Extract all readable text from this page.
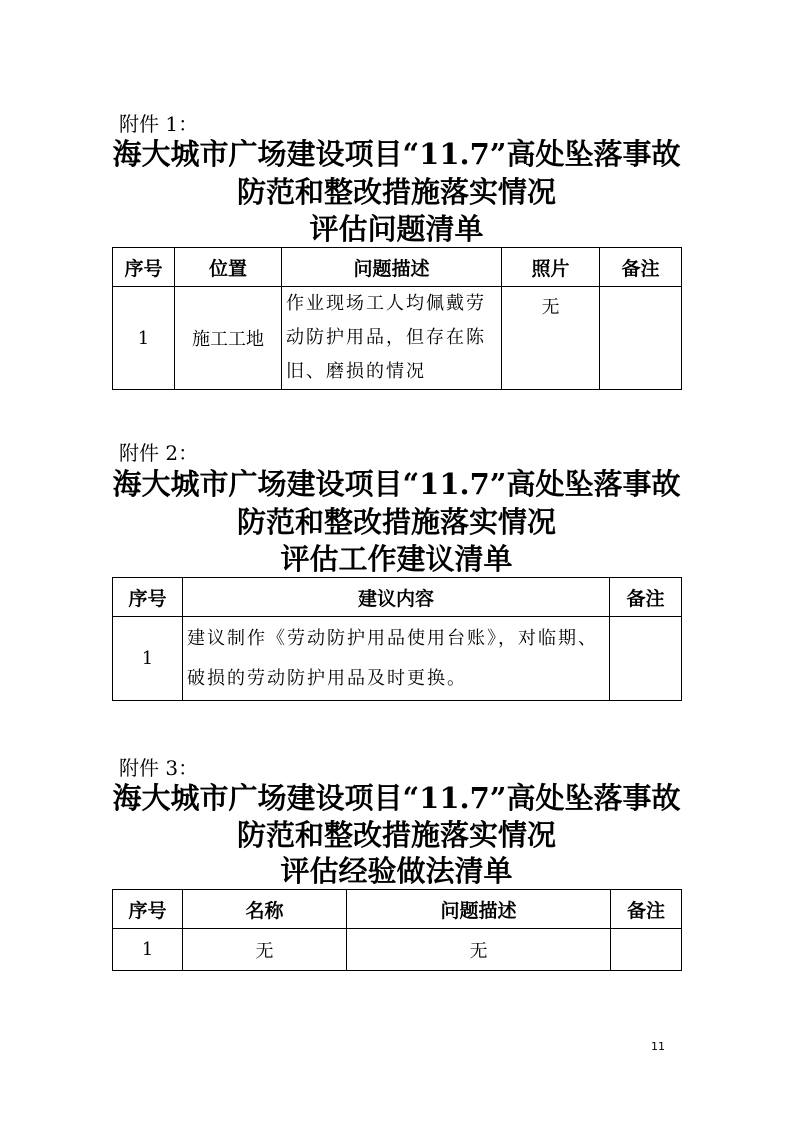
附件 1：
海大城市广场建设项目“11.7”高处坠落事故
防范和整改措施落实情况
评估问题清单
序号	位置	问题描述	照片	备注
1	施工工地	作业现场工人均佩戴劳动防护用品，但存在陈旧、磨损的情况	无	
附件 2：
海大城市广场建设项目“11.7”高处坠落事故
防范和整改措施落实情况
评估工作建议清单
序号	建议内容	备注
1	建议制作《劳动防护用品使用台账》，对临期、破损的劳动防护用品及时更换。	
附件 3：
海大城市广场建设项目“11.7”高处坠落事故
防范和整改措施落实情况
评估经验做法清单
序号	名称	问题描述	备注
1	无	无	
11
